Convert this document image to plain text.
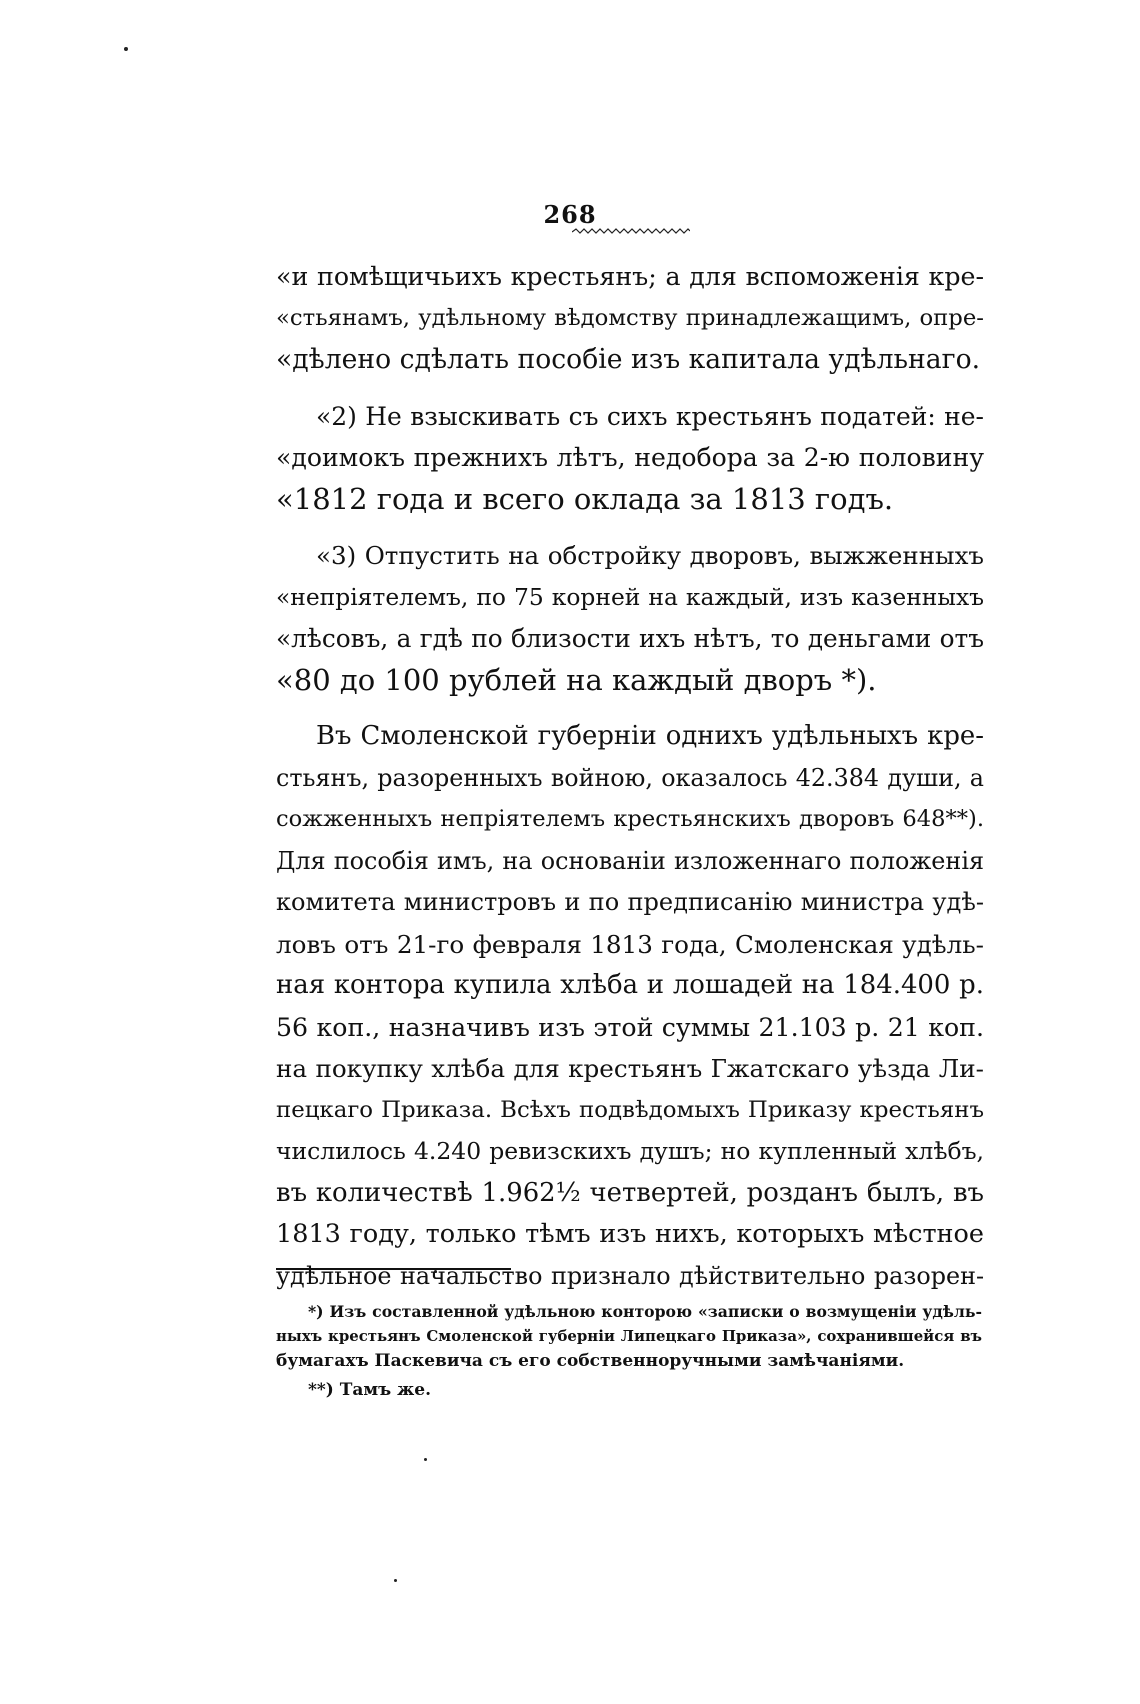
268

«и помѣщичьихъ крестьянъ; а для вспоможенія кре-
«стьянамъ, удѣльному вѣдомству принадлежащимъ, опре-
«дѣлено сдѣлать пособіе изъ капитала удѣльнаго.

«2) Не взыскивать съ сихъ крестьянъ податей: не-
«доимокъ прежнихъ лѣтъ, недобора за 2-ю половину
«1812 года и всего оклада за 1813 годъ.

«3) Отпустить на обстройку дворовъ, выжженныхъ
«непріятелемъ, по 75 корней на каждый, изъ казенныхъ
«лѣсовъ, а гдѣ по близости ихъ нѣтъ, то деньгами отъ
«80 до 100 рублей на каждый дворъ *).

Въ Смоленской губерніи однихъ удѣльныхъ кре-
стьянъ, разоренныхъ войною, оказалось 42.384 души, а
сожженныхъ непріятелемъ крестьянскихъ дворовъ 648**).
Для пособія имъ, на основаніи изложеннаго положенія
комитета министровъ и по предписанію министра удѣ-
ловъ отъ 21-го февраля 1813 года, Смоленская удѣль-
ная контора купила хлѣба и лошадей на 184.400 р.
56 коп., назначивъ изъ этой суммы 21.103 р. 21 коп.
на покупку хлѣба для крестьянъ Гжатскаго уѣзда Ли-
пецкаго Приказа. Всѣхъ подвѣдомыхъ Приказу крестьянъ
числилось 4.240 ревизскихъ душъ; но купленный хлѣбъ,
въ количествѣ 1.962½ четвертей, розданъ былъ, въ
1813 году, только тѣмъ изъ нихъ, которыхъ мѣстное
удѣльное начальство признало дѣйствительно разорен-

*) Изъ составленной удѣльною конторою «записки о возмущеніи удѣль-
ныхъ крестьянъ Смоленской губерніи Липецкаго Приказа», сохранившейся въ
бумагахъ Паскевича съ его собственноручными замѣчаніями.

**) Тамъ же.
